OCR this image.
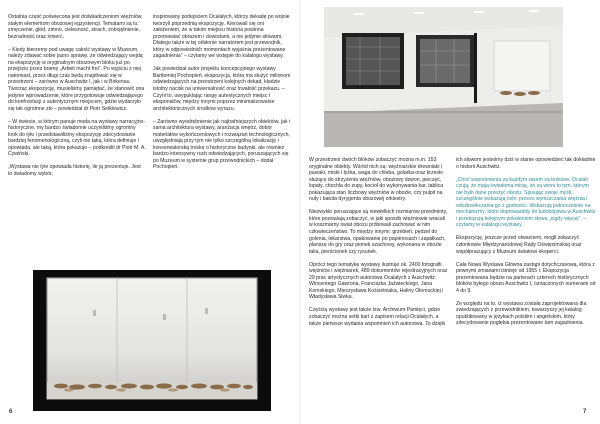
Ostatnia część poświęcona jest doświadczeniom więźniów, stałym elementom obozowej egzystencji. Tematami są tu: zmęczenie, głód, zimno, cielesność, strach, zobojętnienie, bezradność oraz śmierć.

– Kiedy bierzemy pod uwagę całość wystawy w Muzeum, należy zdawać sobie jasno sprawę, że odwiedzający wejdą na ekspozycję w oryginalnym obozowym bloku już po przejściu przez bramę „Arbeit macht frei”. Po wyjściu z niej natomiast, przez długi czas będą znajdować się w przestrzeni – zarówno w Auschwitz I, jak i w Birkenau. Tworząc ekspozycję, musieliśmy pamiętać, że stanowić ona jedynie wprowadzenie, które przygotowuje odwiedzającego do konfrontacji z autentycznym miejscem, gdzie wydarzyło się tak ogromne zło – powiedział dr Piotr Setkiewicz.

– W świecie, w którym panuje moda na wystawy narracyjno-historyczne, my bardzo świadomie uczyniliśmy ogromny krok do tyłu i przedstawiliśmy ekspozycję zdecydowanie bardziej fenomenologiczną, czyli nie taką, która definiuje i opowiada, ale taką, która pokazuje – podkreślił dr Piotr M. A. Cywiński.

„Wystawa nie tyle opowiada historię, ile ją prezentuje. Jest to świadomy wybór,

inspirowany podejściem Ocalałych, którzy dekadę po wojnie tworzyli poprzednią ekspozycję. Kierowali się oni założeniem, że w takim miejscu historia powinna przemawiać obrazem i dowodami, a nie jedynie słowami. Dlatego także w tej odsłonie narratorem jest przewodnik, który w odpowiednich momentach wyjaśnia prezentowane zagadnienia” – czytamy we wstępie do katalogu wystawy.

Jak powiedział autor projektu koncepcyjnego wystawy Bartłomiej Pochopień, ekspozycja, która ma służyć milionom odwiedzających na przestrzeni kolejnych dekad, kładzie istotny nacisk na uniwersalność oraz trwałość przekazu. – Czyni to, uwypuklając rangę autentycznych miejsc i eksponatów, między innymi poprzez minimalizowanie architektonicznych środków wyrazu.

– Zarówno wyodrębnienie jak najtrafniejszych obiektów, jak i sama architektura wystawy, aranżacja wnętrz, dobór materiałów wykończeniowych i rozwiązań technologicznych, uwzględniają przy tym nie tylko szczególną lokalizację i konserwatorską troskę o historyczne budynki, ale również bardzo intensywny ruch odwiedzających, poruszających się po Muzeum w systemie grup przewodnickich – dodał Pochopień.

6

W przestrzeni dwóch bloków zobaczyć można m.in. 153 oryginalne obiekty. Wśród nich są: więźniarskie drewniaki i pasiaki, miski i łyżka, waga do chleba, golarka oraz krzesło służące do strzyżenia więźniów, obozowy dzwon, pieczęć, lopaty, chochla do zupy, kocioł do wykonywania kar, tablica pokazująca stan liczbowy więźniów w obozie, czy pulpit na nuty i batuta dyrygenta obozowej orkiestry.

Niezwykle poruszające są niewielkich rozmiarów przedmioty, które pozwalają zobaczyć, w jaki sposób więźniowie wracali w koszmarny świat obozu próbowali zachować w nim człowieczeństwo. To między innymi: grzebień, pędzel do golenia, lekarstwa, opakowanie po papierosach i zapałkach, planszę do gry oraz pionek szachowy, wykonana w obozie talia, pierścionek czy rysunek.

Oprócz tego tematykę wystawy ilustruje ok. 2400 fotografii więźniów i więźniarek, 489 dokumentów rejestracyjnych oraz 29 prac artystycznych autorstwa Ocalałych z Auschwitz: Wincentego Gawrona, Franciszka Jaźwieckiego, Jana Komskiego, Mieczysława Kościelniaka, Haliny Ołomuckiej i Władysława Siwka.

Częścią wystawy jest także tzw. Archiwum Pamięci, gdzie zobaczyć można setki kart z zapisem relacji Ocalałych, a także pierwsze wydania wspomnień ich autorstwa. To dzięki

ich słowom jesteśmy dziś w stanie opowiedzieć tak dokładnie o historii Auschwitz.

„Choć wspomnienia za każdym razem są bolesne, Ocalali czują, że mają świadomą misję, że są winni to tym, którym nie było dane przeżyć obozu. Spisując swoje myśli, szczególnie wskazują cele: proces wyniszczania więźnia i odczłowieczania go z godności. Wskazują jednocześnie na mechanizmy, które doprowadziły do ludobójstwa w Auschwitz i przekazują kolejnym pokoleniom słowa „nigdy więcej”. – czytamy w katalogu wystawy.

Ekspozycję, jeszcze przed otwarciem, mogli zobaczyć członkowie Międzynarodowej Rady Oświęcimskiej oraz współpracujący z Muzeum światowi eksperci.

Cała Nowa Wystawa Główna zastąpi dotychczasową, która z pewnymi zmianami istnieje od 1955 r. Ekspozycja prezentowana będzie na parterach czterech historycznych bloków byłego obozu Auschwitz I, oznaczonych numerami od 4 do 9.

Ze względu na to, iż wystawa została zaprojektowana dla zwiedzających z przewodnikiem, towarzyszy jej katalog opublikowany w językach polskim i angielskim, który zdecydowanie pogłębia prezentowane tam zagadnienia.

7
